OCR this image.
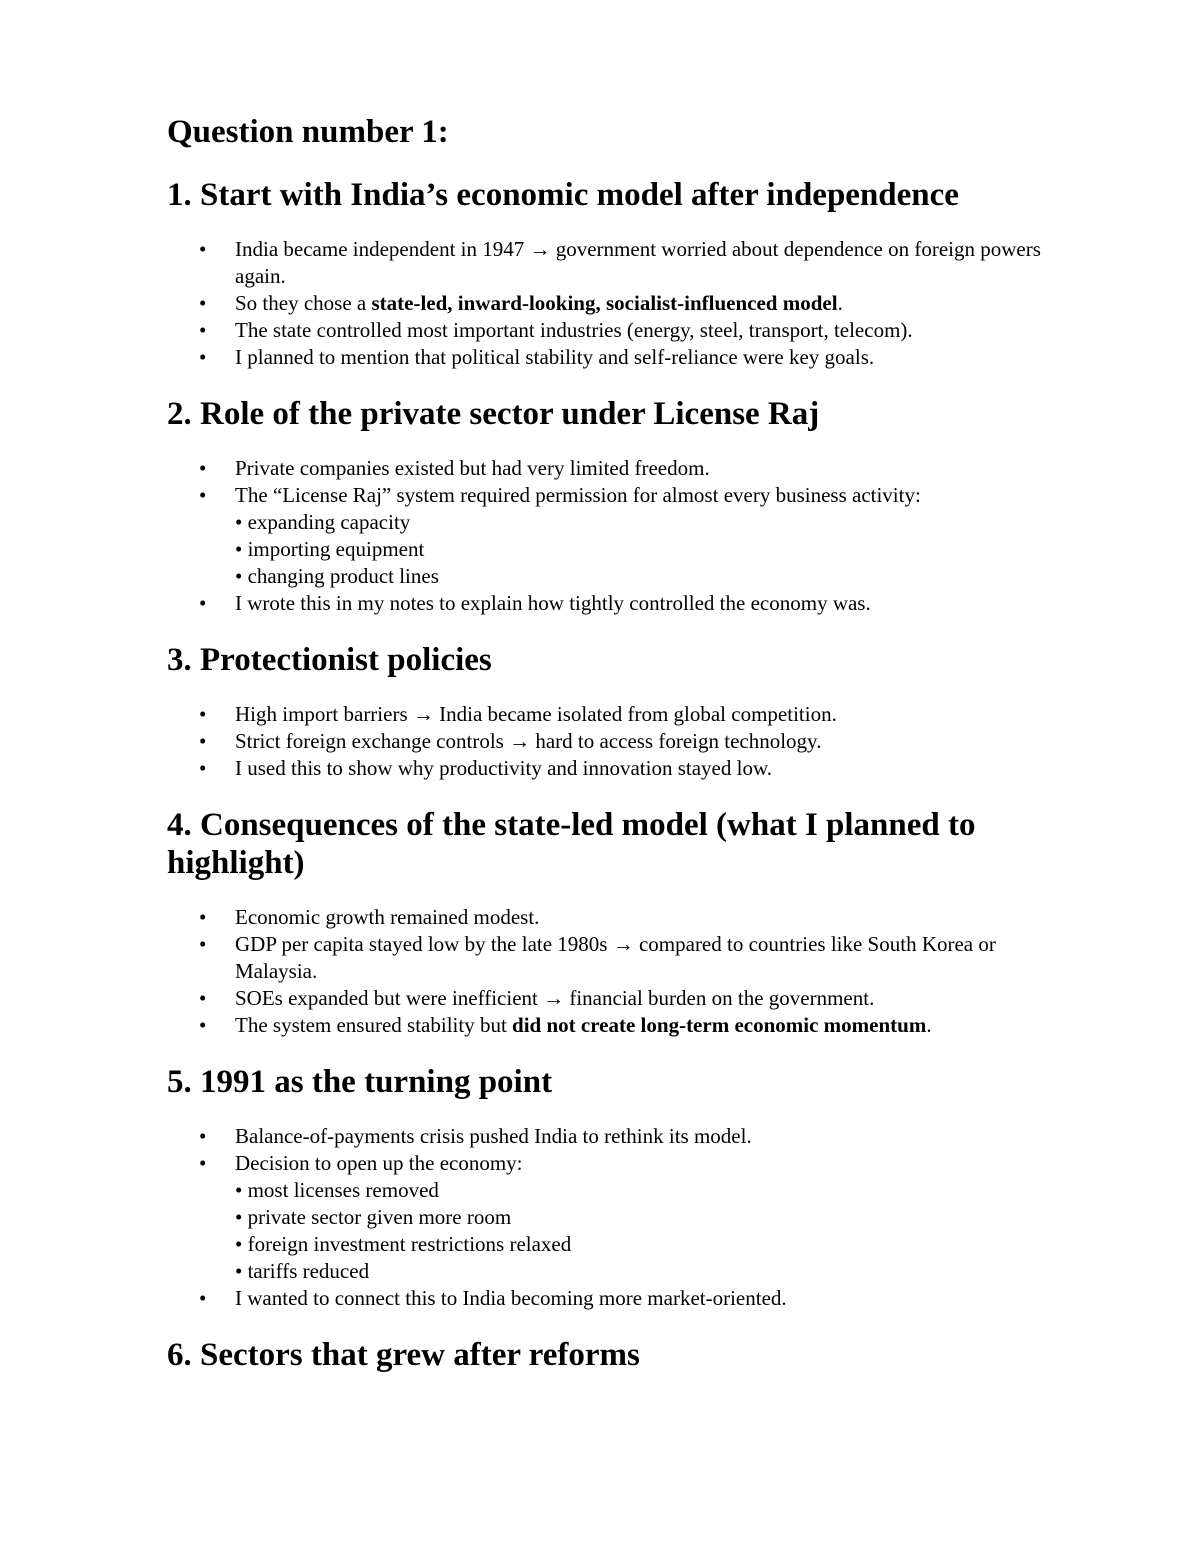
Question number 1:
1. Start with India’s economic model after independence
• India became independent in 1947 → government worried about dependence on foreign powers again.
• So they chose a state-led, inward-looking, socialist-influenced model.
• The state controlled most important industries (energy, steel, transport, telecom).
• I planned to mention that political stability and self-reliance were key goals.
2. Role of the private sector under License Raj
• Private companies existed but had very limited freedom.
• The “License Raj” system required permission for almost every business activity:
• expanding capacity
• importing equipment
• changing product lines
• I wrote this in my notes to explain how tightly controlled the economy was.
3. Protectionist policies
• High import barriers → India became isolated from global competition.
• Strict foreign exchange controls → hard to access foreign technology.
• I used this to show why productivity and innovation stayed low.
4. Consequences of the state-led model (what I planned to highlight)
• Economic growth remained modest.
• GDP per capita stayed low by the late 1980s → compared to countries like South Korea or Malaysia.
• SOEs expanded but were inefficient → financial burden on the government.
• The system ensured stability but did not create long-term economic momentum.
5. 1991 as the turning point
• Balance-of-payments crisis pushed India to rethink its model.
• Decision to open up the economy:
• most licenses removed
• private sector given more room
• foreign investment restrictions relaxed
• tariffs reduced
• I wanted to connect this to India becoming more market-oriented.
6. Sectors that grew after reforms
